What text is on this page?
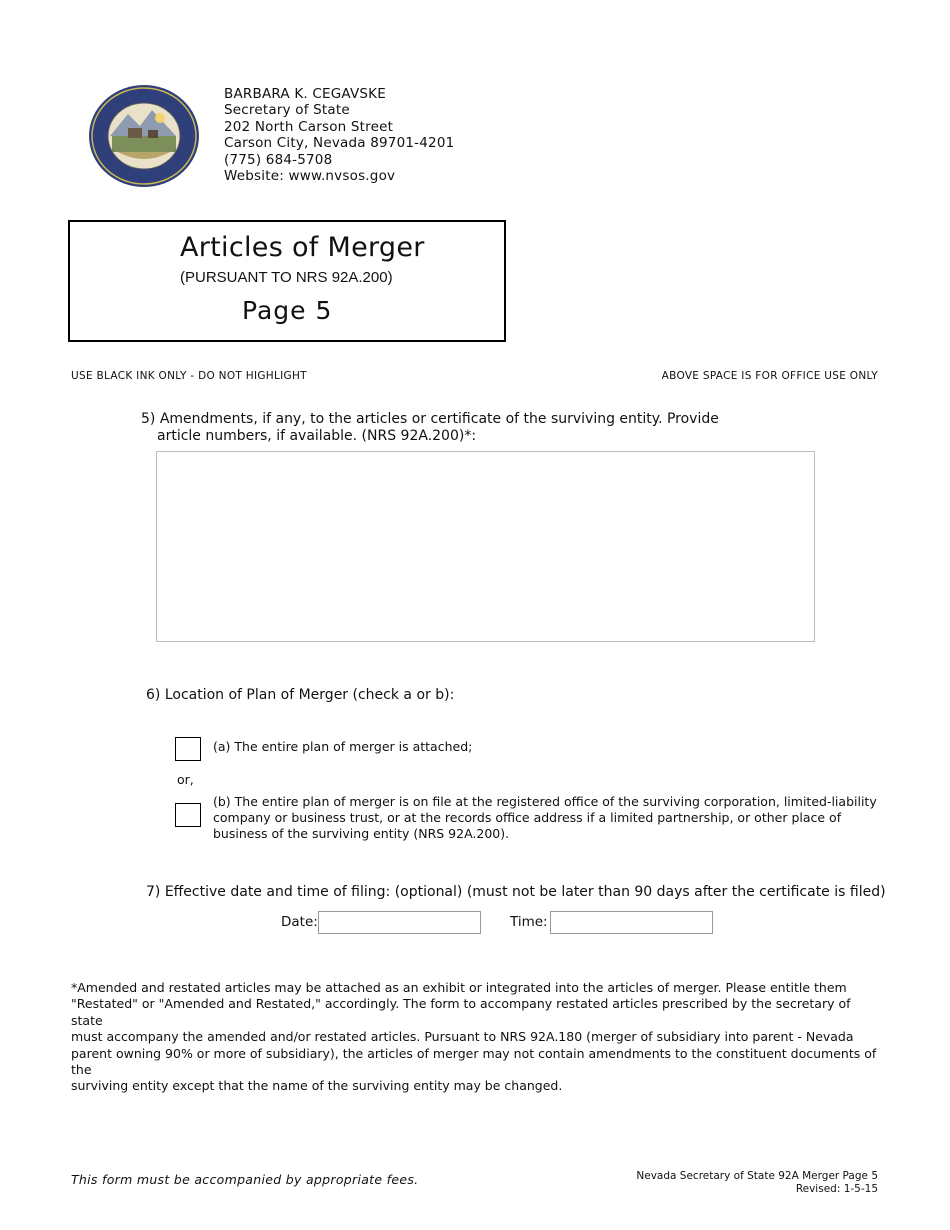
BARBARA K. CEGAVSKE
Secretary of State
202 North Carson Street
Carson City, Nevada 89701-4201
(775) 684-5708
Website: www.nvsos.gov
Articles of Merger
(PURSUANT TO NRS 92A.200)
Page 5
USE BLACK INK ONLY - DO NOT HIGHLIGHT	ABOVE SPACE IS FOR OFFICE USE ONLY
5) Amendments, if any, to the articles or certificate of the surviving entity. Provide
article numbers, if available. (NRS 92A.200)*:
6) Location of Plan of Merger (check a or b):
(a) The entire plan of merger is attached;
or,
(b) The entire plan of merger is on file at the registered office of the surviving corporation, limited-liability
company or business trust, or at the records office address if a limited partnership, or other place of
business of the surviving entity (NRS 92A.200).
7) Effective date and time of filing: (optional) (must not be later than 90 days after the certificate is filed)
Date:	Time:
*Amended and restated articles may be attached as an exhibit or integrated into the articles of merger. Please entitle them
"Restated" or "Amended and Restated," accordingly. The form to accompany restated articles prescribed by the secretary of state
must accompany the amended and/or restated articles. Pursuant to NRS 92A.180 (merger of subsidiary into parent - Nevada
parent owning 90% or more of subsidiary), the articles of merger may not contain amendments to the constituent documents of the
surviving entity except that the name of the surviving entity may be changed.
This form must be accompanied by appropriate fees.	Nevada Secretary of State 92A Merger Page 5
Revised: 1-5-15
